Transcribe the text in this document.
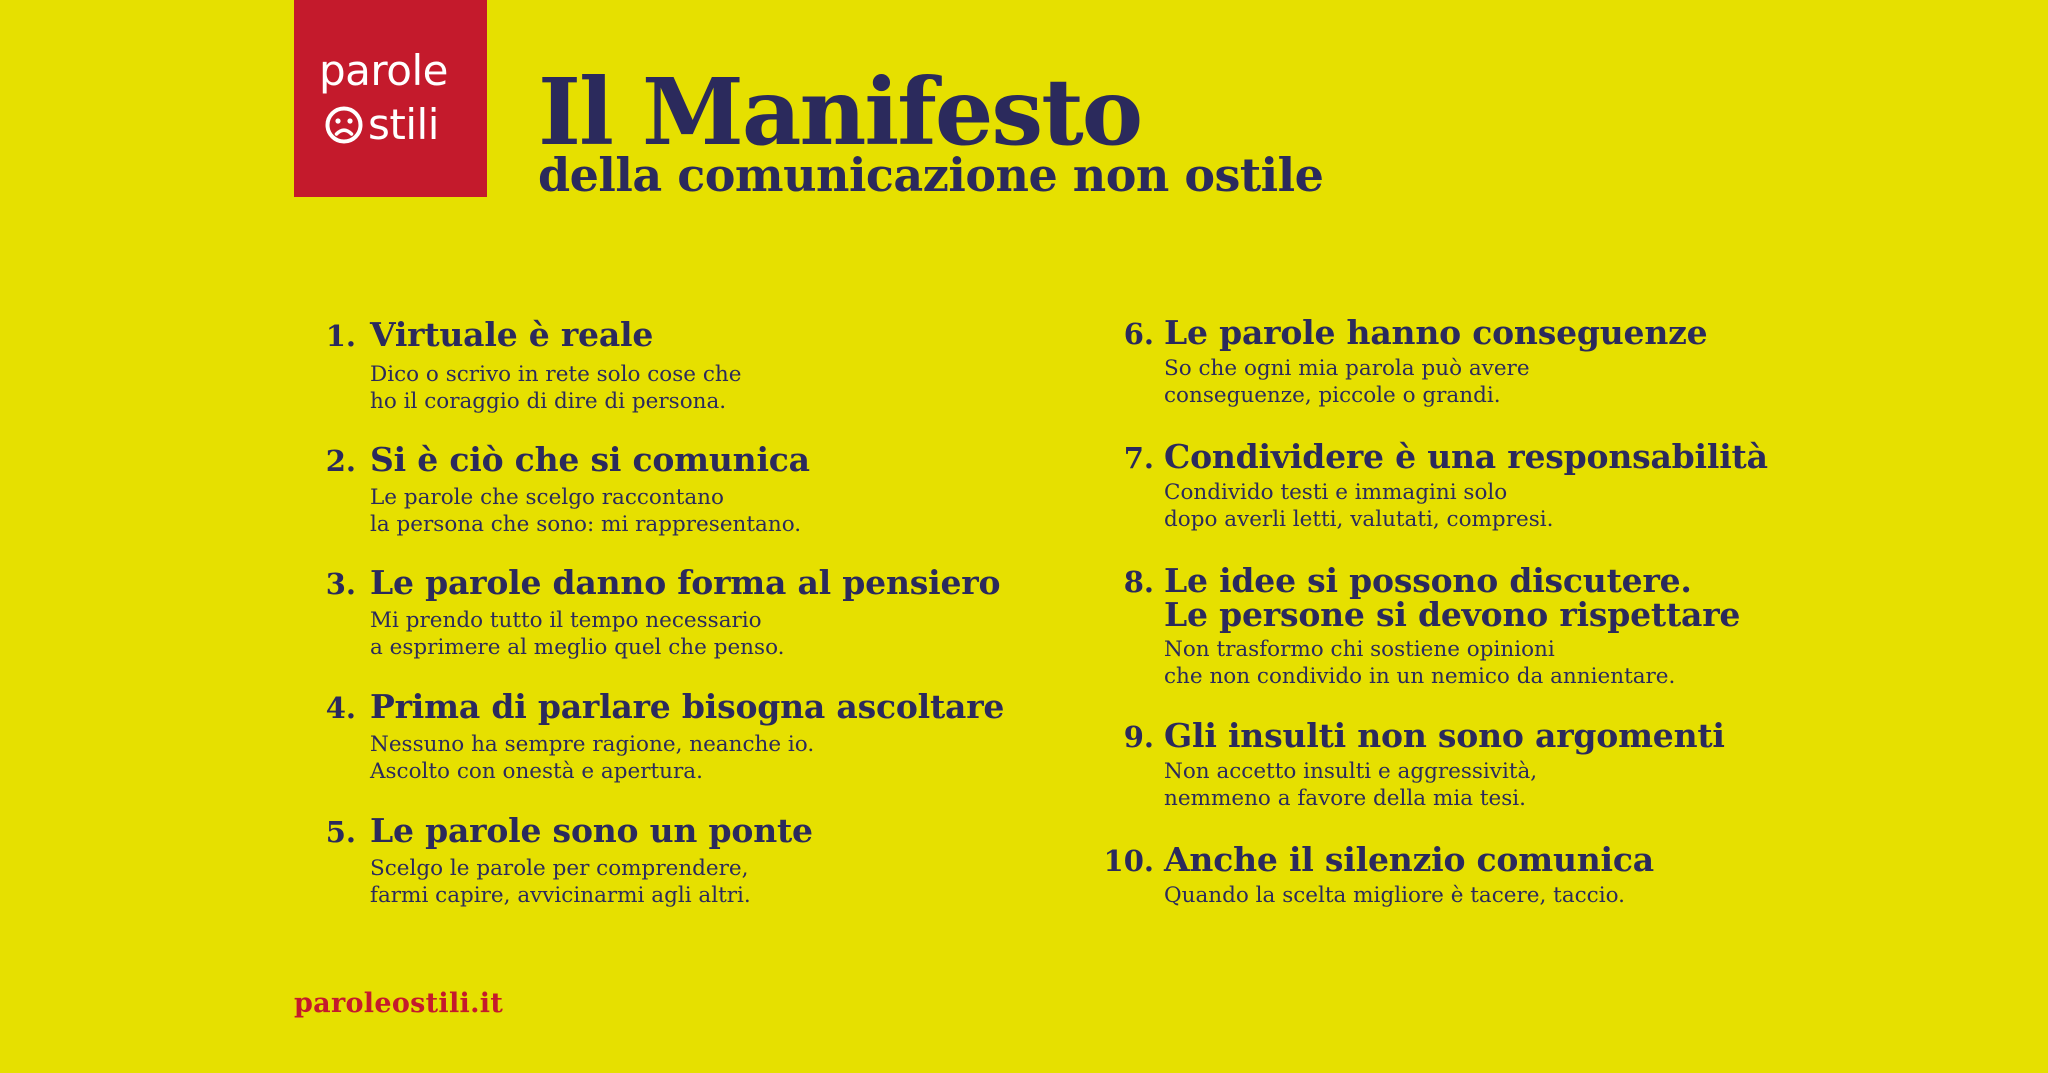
parole
stili Il Manifesto
della comunicazione non ostile
1. Virtuale è reale
Dico o scrivo in rete solo cose che
ho il coraggio di dire di persona.
2. Si è ciò che si comunica
Le parole che scelgo raccontano
la persona che sono: mi rappresentano.
3. Le parole danno forma al pensiero
Mi prendo tutto il tempo necessario
a esprimere al meglio quel che penso.
4. Prima di parlare bisogna ascoltare
Nessuno ha sempre ragione, neanche io.
Ascolto con onestà e apertura.
5. Le parole sono un ponte
Scelgo le parole per comprendere,
farmi capire, avvicinarmi agli altri.
6. Le parole hanno conseguenze
So che ogni mia parola può avere
conseguenze, piccole o grandi.
7. Condividere è una responsabilità
Condivido testi e immagini solo
dopo averli letti, valutati, compresi.
8. Le idee si possono discutere.
Le persone si devono rispettare
Non trasformo chi sostiene opinioni
che non condivido in un nemico da annientare.
9. Gli insulti non sono argomenti
Non accetto insulti e aggressività,
nemmeno a favore della mia tesi.
10. Anche il silenzio comunica
Quando la scelta migliore è tacere, taccio.
paroleostili.it
